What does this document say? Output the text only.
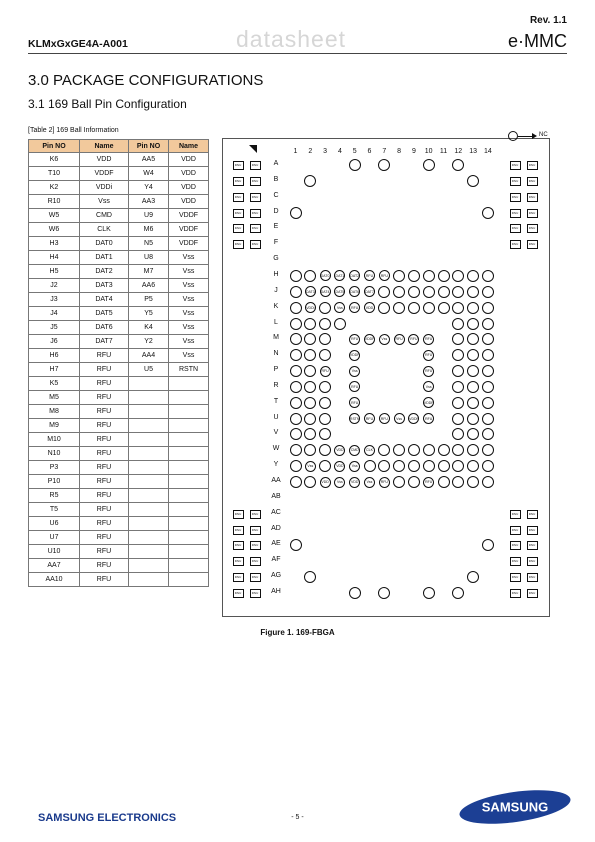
Rev. 1.1
KLMxGxGE4A-A001	datasheet	e·MMC
3.0 PACKAGE CONFIGURATIONS
3.1 169 Ball Pin Configuration
[Table 2] 169 Ball Information
Pin NO	Name	Pin NO	Name
K6	VDD	AA5	VDD
T10	VDDF	W4	VDD
K2	VDDi	Y4	VDD
R10	Vss	AA3	VDD
W5	CMD	U9	VDDF
W6	CLK	M6	VDDF
H3	DAT0	N5	VDDF
H4	DAT1	U8	Vss
H5	DAT2	M7	Vss
J2	DAT3	AA6	Vss
J3	DAT4	P5	Vss
J4	DAT5	Y5	Vss
J5	DAT6	K4	Vss
J6	DAT7	Y2	Vss
H6	RFU	AA4	Vss
H7	RFU	U5	RSTN
K5	RFU		
M5	RFU		
M8	RFU		
M9	RFU		
M10	RFU		
N10	RFU		
P3	RFU		
P10	RFU		
R5	RFU		
T5	RFU		
U6	RFU		
U7	RFU		
U10	RFU		
AA7	RFU		
AA10	RFU		
1 2 3 4 5 6 7 8 9 10 11 12 13 14
A
B
C
D
E
F
G
H
J
K
L
M
N
P
R
T
U
V
W
Y
AA
AB
AC
AD
AE
AF
AG
AH
DAT0 DAT1 DAT2 RFU RFU
DAT3 DAT4 DAT5 DAT6 DAT7
VDDi	Vss RFU VDD
RFU VDDF Vss RFU RFU RFU
VDDF	RFU
RFU	Vss	RFU
RFU	Vss
RFU	VDDF
RSTN RFU RFU Vss VDDF RFU
VDD CMD CLK
Vss	VDD Vss
VDD Vss VDD Vss RFU	RFU
DNU	DNU	DNU	DNU
DNU	DNU	DNU	DNU
DNU	DNU	DNU	DNU
DNU	DNU	DNU	DNU
DNU	DNU	DNU	DNU
DNU	DNU	DNU	DNU
DNU	DNU	DNU	DNU
DNU	DNU	DNU	DNU
DNU	DNU	DNU	DNU
DNU	DNU	DNU	DNU
DNU	DNU	DNU	DNU
DNU	DNU	DNU	DNU
NC
Figure 1. 169-FBGA
SAMSUNG ELECTRONICS	- 5 -
SAMSUNG
